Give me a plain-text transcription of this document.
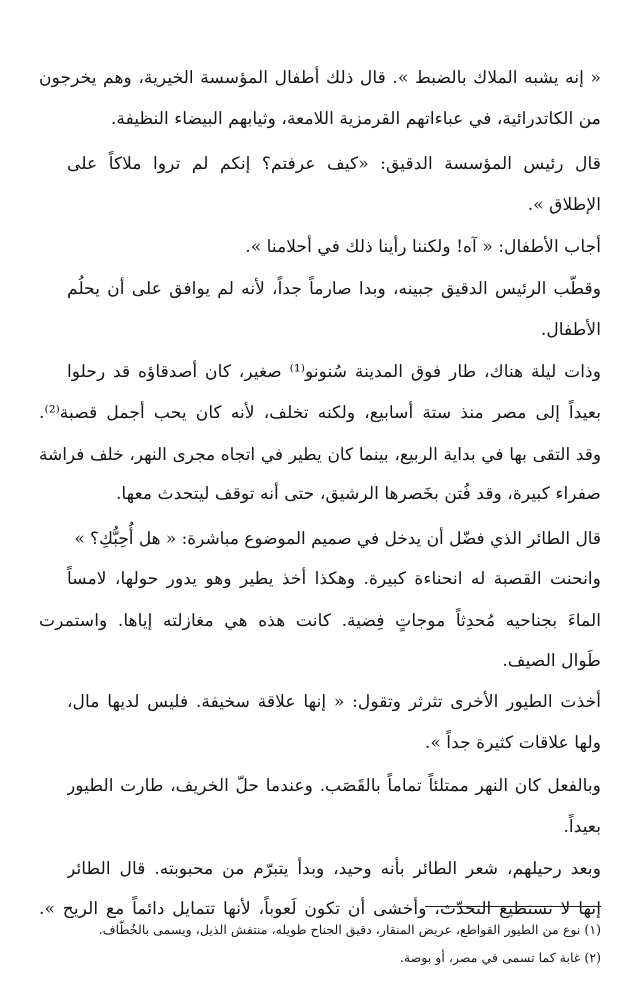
« إنه يشبه الملاك بالضبط ». قال ذلك أطفال المؤسسة الخيرية، وهم يخرجون
من الكاتدرائية، في عباءاتهم القرمزية اللامعة، وثيابهم البيضاء النظيفة.
قال رئيس المؤسسة الدقيق: «كيف عرفتم؟ إنكم لم تروا ملاكاً على
الإطلاق ».
أجاب الأطفال: « آه! ولكننا رأينا ذلك في أحلامنا ».
وقطّب الرئيس الدقيق جبينه، وبدا صارماً جداً، لأنه لم يوافق على أن يحلُم
الأطفال.
وذات ليلة هناك، طار فوق المدينة سُنونو⁽¹⁾ صغير، كان أصدقاؤه قد رحلوا
بعيداً إلى مصر منذ ستة أسابيع، ولكنه تخلف، لأنه كان يحب أجمل قصبة⁽²⁾.
وقد التقى بها في بداية الربيع، بينما كان يطير في اتجاه مجرى النهر، خلف فراشة
صفراء كبيرة، وقد فُتن بخَصرها الرشيق، حتى أنه توقف ليتحدث معها.
قال الطائر الذي فضّل أن يدخل في صميم الموضوع مباشرة: « هل أُحِبُّكِ؟ »
وانحنت القصبة له انحناءة كبيرة. وهكذا أخذ يطير وهو يدور حولها، لامساً
الماءَ بجناحيه مُحدِثاً موجاتٍ فِضية. كانت هذه هي مغازلته إياها. واستمرت
طَوال الصيف.
أخذت الطيور الأخرى تثرثر وتقول: « إنها علاقة سخيفة. فليس لديها مال،
ولها علاقات كثيرة جداً ».
وبالفعل كان النهر ممتلئاً تماماً بالقَصَب. وعندما حلّ الخريف، طارت الطيور
بعيداً.
وبعد رحيلهم، شعر الطائر بأنه وحيد، وبدأ يتبرّم من محبوبته. قال الطائر
إنها لا تستطيع التحدّث، وأخشى أن تكون لَعوباً، لأنها تتمايل دائماً مع الريح ».
(١) نوع من الطيور القواطع، عريض المنقار، دقيق الجناح طويله، منتفش الذيل، ويسمى بالخُطّاف.
(٢) غابة كما تسمى في مصر، أو بوصة.
